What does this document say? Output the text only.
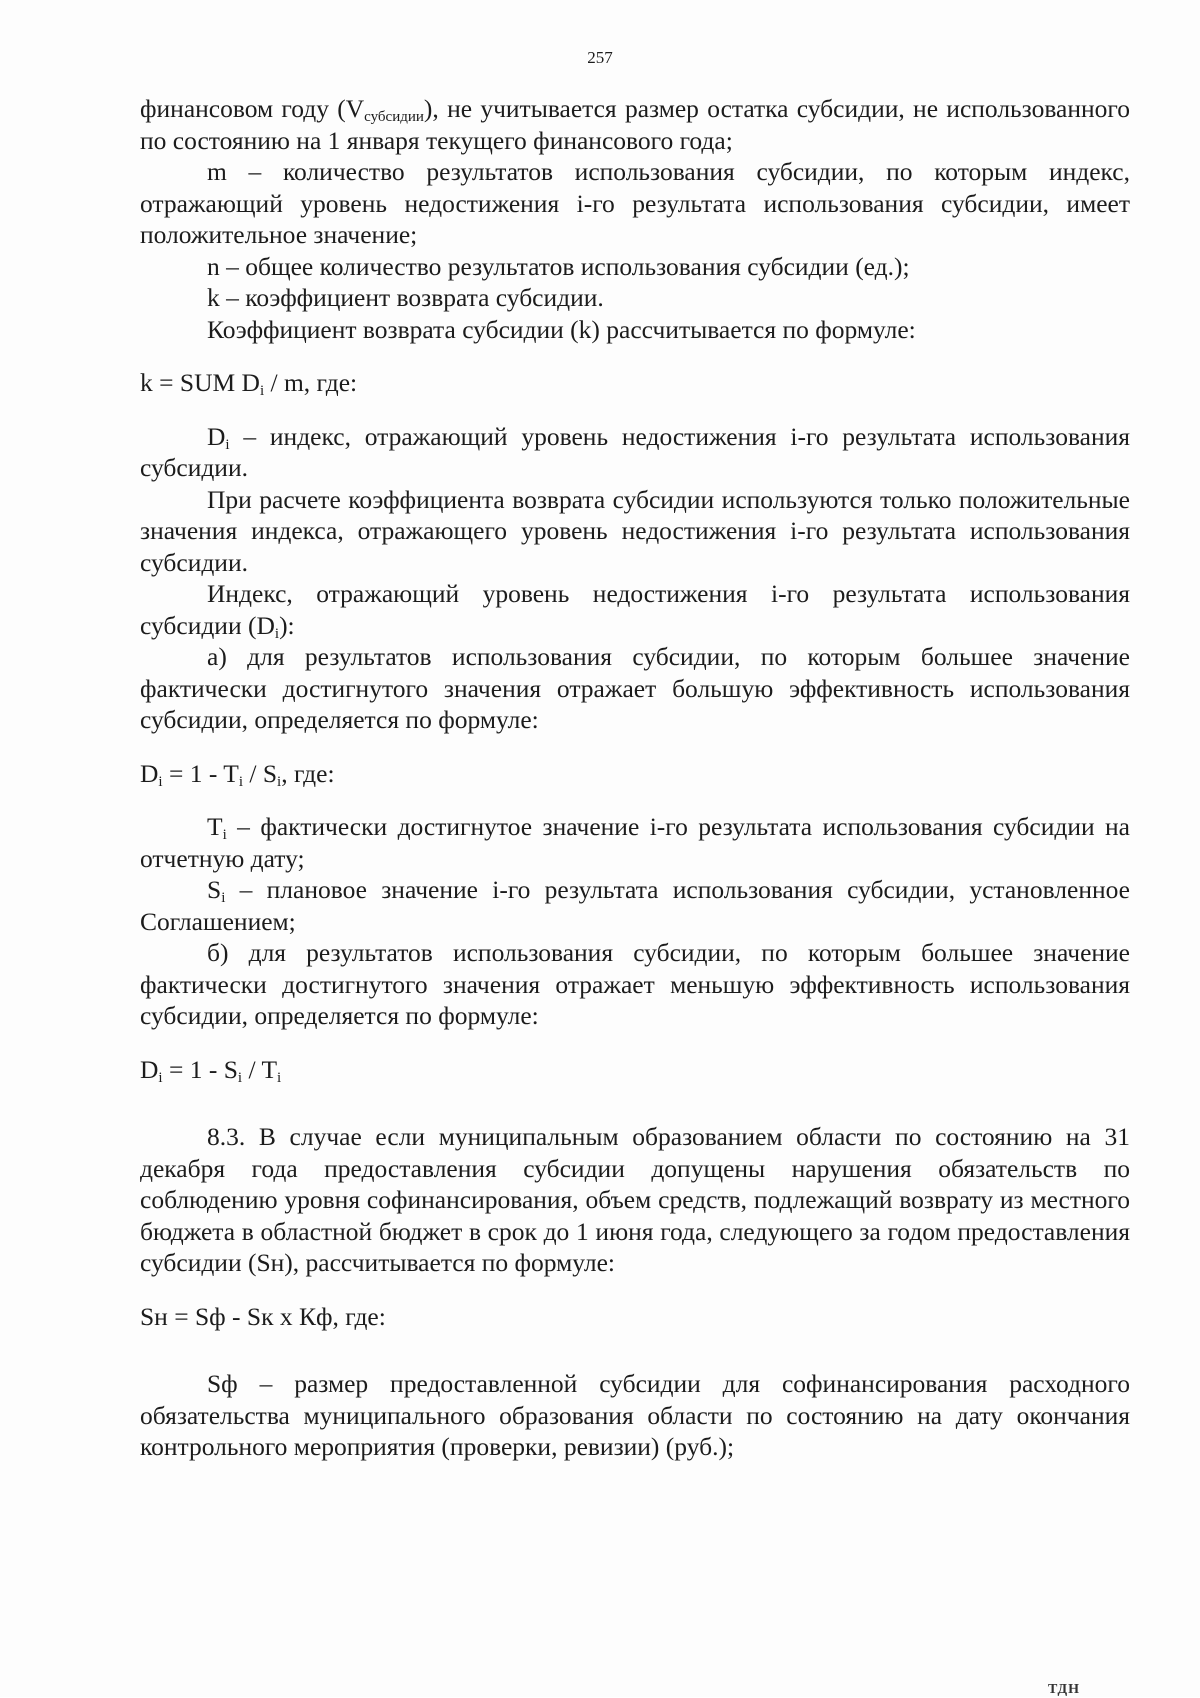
257

финансовом году $(V_{субсидии})$, не учитывается размер остатка субсидии, не использованного по состоянию на 1 января текущего финансового года;

m – количество результатов использования субсидии, по которым индекс, отражающий уровень недостижения i-го результата использования субсидии, имеет положительное значение;

n – общее количество результатов использования субсидии (ед.);

k – коэффициент возврата субсидии.

Коэффициент возврата субсидии (k) рассчитывается по формуле:

k = SUM $D_i$ / m, где:

$D_i$ – индекс, отражающий уровень недостижения i-го результата использования субсидии.

При расчете коэффициента возврата субсидии используются только положительные значения индекса, отражающего уровень недостижения i-го результата использования субсидии.

Индекс, отражающий уровень недостижения i-го результата использования субсидии $(D_i)$:

а) для результатов использования субсидии, по которым большее значение фактически достигнутого значения отражает большую эффективность использования субсидии, определяется по формуле:

$D_i = 1 - T_i / S_i$, где:

$T_i$ – фактически достигнутое значение i-го результата использования субсидии на отчетную дату;

$S_i$ – плановое значение i-го результата использования субсидии, установленное Соглашением;

б) для результатов использования субсидии, по которым большее значение фактически достигнутого значения отражает меньшую эффективность использования субсидии, определяется по формуле:

$D_i = 1 - S_i / T_i$

8.3. В случае если муниципальным образованием области по состоянию на 31 декабря года предоставления субсидии допущены нарушения обязательств по соблюдению уровня софинансирования, объем средств, подлежащий возврату из местного бюджета в областной бюджет в срок до 1 июня года, следующего за годом предоставления субсидии (Sн), рассчитывается по формуле:

Sн = Sф - Sк x Кф, где:

Sф – размер предоставленной субсидии для софинансирования расходного обязательства муниципального образования области по состоянию на дату окончания контрольного мероприятия (проверки, ревизии) (руб.);

ТДН
